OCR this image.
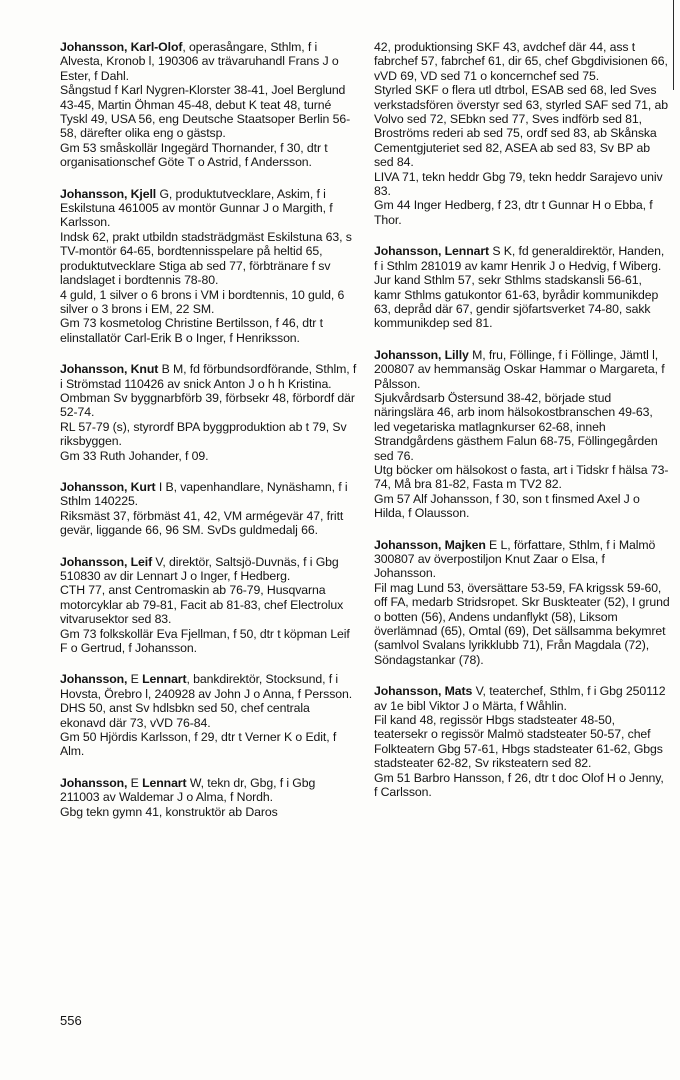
Johansson, Karl-Olof, operasångare, Sthlm, f i Alvesta, Kronob l, 190306 av trävaruhandl Frans J o Ester, f Dahl.

Sångstud f Karl Nygren-Klorster 38-41, Joel Berglund 43-45, Martin Öhman 45-48, debut K teat 48, turné Tyskl 49, USA 56, eng Deutsche Staatsoper Berlin 56-58, därefter olika eng o gästsp.

Gm 53 småskollär Ingegärd Thornander, f 30, dtr t organisationschef Göte T o Astrid, f Andersson.

Johansson, Kjell G, produktutvecklare, Askim, f i Eskilstuna 461005 av montör Gunnar J o Margith, f Karlsson.

Indsk 62, prakt utbildn stadsträdgmäst Eskilstuna 63, s TV-montör 64-65, bordtennisspelare på heltid 65, produktutvecklare Stiga ab sed 77, förbtränare f sv landslaget i bordtennis 78-80.

4 guld, 1 silver o 6 brons i VM i bordtennis, 10 guld, 6 silver o 3 brons i EM, 22 SM.

Gm 73 kosmetolog Christine Bertilsson, f 46, dtr t elinstallatör Carl-Erik B o Inger, f Henriksson.

Johansson, Knut B M, fd förbundsordförande, Sthlm, f i Strömstad 110426 av snick Anton J o h h Kristina.

Ombman Sv byggnarbförb 39, förbsekr 48, förbordf där 52-74.

RL 57-79 (s), styrordf BPA byggproduktion ab t 79, Sv riksbyggen.

Gm 33 Ruth Johander, f 09.

Johansson, Kurt I B, vapenhandlare, Nynäshamn, f i Sthlm 140225.

Riksmäst 37, förbmäst 41, 42, VM armégevär 47, fritt gevär, liggande 66, 96 SM. SvDs guldmedalj 66.

Johansson, Leif V, direktör, Saltsjö-Duvnäs, f i Gbg 510830 av dir Lennart J o Inger, f Hedberg.

CTH 77, anst Centromaskin ab 76-79, Husqvarna motorcyklar ab 79-81, Facit ab 81-83, chef Electrolux vitvarusektor sed 83.

Gm 73 folkskollär Eva Fjellman, f 50, dtr t köpman Leif F o Gertrud, f Johansson.

Johansson, E Lennart, bankdirektör, Stocksund, f i Hovsta, Örebro l, 240928 av John J o Anna, f Persson.

DHS 50, anst Sv hdlsbkn sed 50, chef centrala ekonavd där 73, vVD 76-84.

Gm 50 Hjördis Karlsson, f 29, dtr t Verner K o Edit, f Alm.

Johansson, E Lennart W, tekn dr, Gbg, f i Gbg 211003 av Waldemar J o Alma, f Nordh.

Gbg tekn gymn 41, konstruktör ab Daros

42, produktionsing SKF 43, avdchef där 44, ass t fabrchef 57, fabrchef 61, dir 65, chef Gbgdivisionen 66, vVD 69, VD sed 71 o koncernchef sed 75.

Styrled SKF o flera utl dtrbol, ESAB sed 68, led Sves verkstadsfören överstyr sed 63, styrled SAF sed 71, ab Volvo sed 72, SEbkn sed 77, Sves indförb sed 81, Broströms rederi ab sed 75, ordf sed 83, ab Skånska Cementgjuteriet sed 82, ASEA ab sed 83, Sv BP ab sed 84.

LIVA 71, tekn heddr Gbg 79, tekn heddr Sarajevo univ 83.

Gm 44 Inger Hedberg, f 23, dtr t Gunnar H o Ebba, f Thor.

Johansson, Lennart S K, fd generaldirektör, Handen, f i Sthlm 281019 av kamr Henrik J o Hedvig, f Wiberg.

Jur kand Sthlm 57, sekr Sthlms stadskansli 56-61, kamr Sthlms gatukontor 61-63, byrådir kommunikdep 63, depråd där 67, gendir sjöfartsverket 74-80, sakk kommunikdep sed 81.

Johansson, Lilly M, fru, Föllinge, f i Föllinge, Jämtl l, 200807 av hemmansäg Oskar Hammar o Margareta, f Pålsson.

Sjukvårdsarb Östersund 38-42, började stud näringslära 46, arb inom hälsokostbranschen 49-63, led vegetariska matlagnkurser 62-68, inneh Strandgårdens gästhem Falun 68-75, Föllingegården sed 76.

Utg böcker om hälsokost o fasta, art i Tidskr f hälsa 73-74, Må bra 81-82, Fasta m TV2 82.

Gm 57 Alf Johansson, f 30, son t finsmed Axel J o Hilda, f Olausson.

Johansson, Majken E L, författare, Sthlm, f i Malmö 300807 av överpostiljon Knut Zaar o Elsa, f Johansson.

Fil mag Lund 53, översättare 53-59, FA krigssk 59-60, off FA, medarb Stridsropet. Skr Buskteater (52), I grund o botten (56), Andens undanflykt (58), Liksom överlämnad (65), Omtal (69), Det sällsamma bekymret (samlvol Svalans lyrikklubb 71), Från Magdala (72), Söndagstankar (78).

Johansson, Mats V, teaterchef, Sthlm, f i Gbg 250112 av 1e bibl Viktor J o Märta, f Wåhlin.

Fil kand 48, regissör Hbgs stadsteater 48-50, teatersekr o regissör Malmö stadsteater 50-57, chef Folkteatern Gbg 57-61, Hbgs stadsteater 61-62, Gbgs stadsteater 62-82, Sv riksteatern sed 82.

Gm 51 Barbro Hansson, f 26, dtr t doc Olof H o Jenny, f Carlsson.

556
